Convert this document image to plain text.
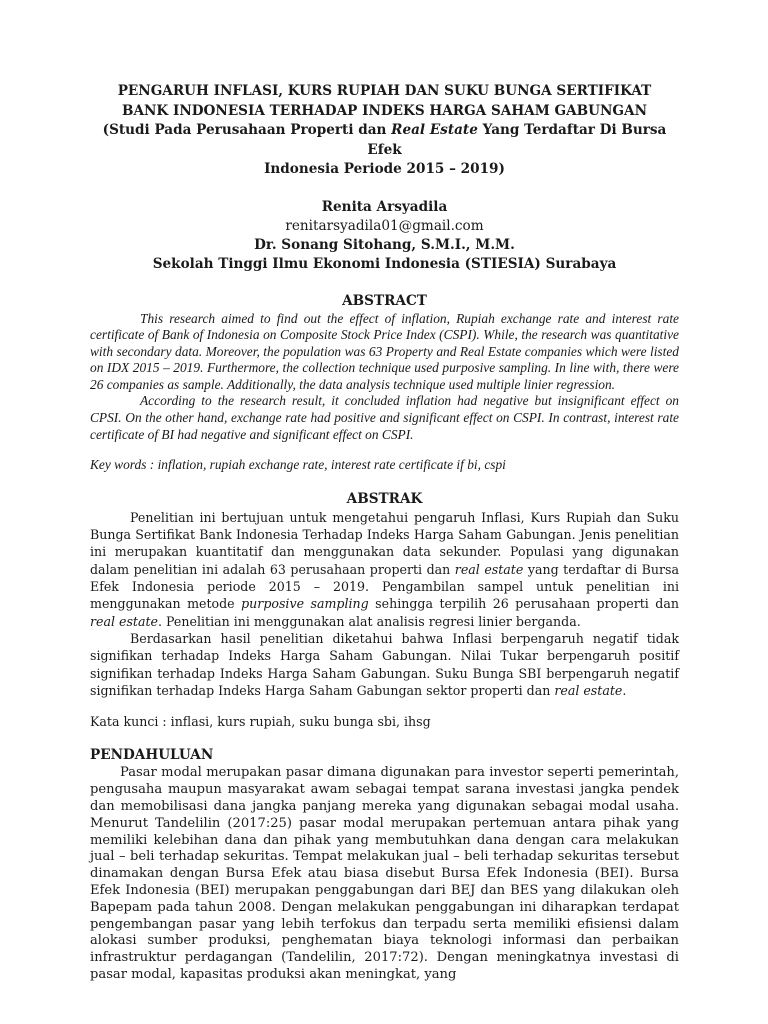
PENGARUH INFLASI, KURS RUPIAH DAN SUKU BUNGA SERTIFIKAT
BANK INDONESIA TERHADAP INDEKS HARGA SAHAM GABUNGAN
(Studi Pada Perusahaan Properti dan Real Estate Yang Terdaftar Di Bursa Efek
Indonesia Periode 2015 – 2019)
Renita Arsyadila
renitarsyadila01@gmail.com
Dr. Sonang Sitohang, S.M.I., M.M.
Sekolah Tinggi Ilmu Ekonomi Indonesia (STIESIA) Surabaya
ABSTRACT

This research aimed to find out the effect of inflation, Rupiah exchange rate and interest rate certificate of Bank of Indonesia on Composite Stock Price Index (CSPI). While, the research was quantitative with secondary data. Moreover, the population was 63 Property and Real Estate companies which were listed on IDX 2015 – 2019. Furthermore, the collection technique used purposive sampling. In line with, there were 26 companies as sample. Additionally, the data analysis technique used multiple linier regression.

According to the research result, it concluded inflation had negative but insignificant effect on CPSI. On the other hand, exchange rate had positive and significant effect on CSPI. In contrast, interest rate certificate of BI had negative and significant effect on CSPI.

Key words : inflation, rupiah exchange rate, interest rate certificate if bi, cspi
ABSTRAK

Penelitian ini bertujuan untuk mengetahui pengaruh Inflasi, Kurs Rupiah dan Suku Bunga Sertifikat Bank Indonesia Terhadap Indeks Harga Saham Gabungan. Jenis penelitian ini merupakan kuantitatif dan menggunakan data sekunder. Populasi yang digunakan dalam penelitian ini adalah 63 perusahaan properti dan real estate yang terdaftar di Bursa Efek Indonesia periode 2015 – 2019. Pengambilan sampel untuk penelitian ini menggunakan metode purposive sampling sehingga terpilih 26 perusahaan properti dan real estate. Penelitian ini menggunakan alat analisis regresi linier berganda.

Berdasarkan hasil penelitian diketahui bahwa Inflasi berpengaruh negatif tidak signifikan terhadap Indeks Harga Saham Gabungan. Nilai Tukar berpengaruh positif signifikan terhadap Indeks Harga Saham Gabungan. Suku Bunga SBI berpengaruh negatif signifikan terhadap Indeks Harga Saham Gabungan sektor properti dan real estate.

Kata kunci : inflasi, kurs rupiah, suku bunga sbi, ihsg
PENDAHULUAN

Pasar modal merupakan pasar dimana digunakan para investor seperti pemerintah, pengusaha maupun masyarakat awam sebagai tempat sarana investasi jangka pendek dan memobilisasi dana jangka panjang mereka yang digunakan sebagai modal usaha. Menurut Tandelilin (2017:25) pasar modal merupakan pertemuan antara pihak yang memiliki kelebihan dana dan pihak yang membutuhkan dana dengan cara melakukan jual – beli terhadap sekuritas. Tempat melakukan jual – beli terhadap sekuritas tersebut dinamakan dengan Bursa Efek atau biasa disebut Bursa Efek Indonesia (BEI). Bursa Efek Indonesia (BEI) merupakan penggabungan dari BEJ dan BES yang dilakukan oleh Bapepam pada tahun 2008. Dengan melakukan penggabungan ini diharapkan terdapat pengembangan pasar yang lebih terfokus dan terpadu serta memiliki efisiensi dalam alokasi sumber produksi, penghematan biaya teknologi informasi dan perbaikan infrastruktur perdagangan (Tandelilin, 2017:72). Dengan meningkatnya investasi di pasar modal, kapasitas produksi akan meningkat, yang
